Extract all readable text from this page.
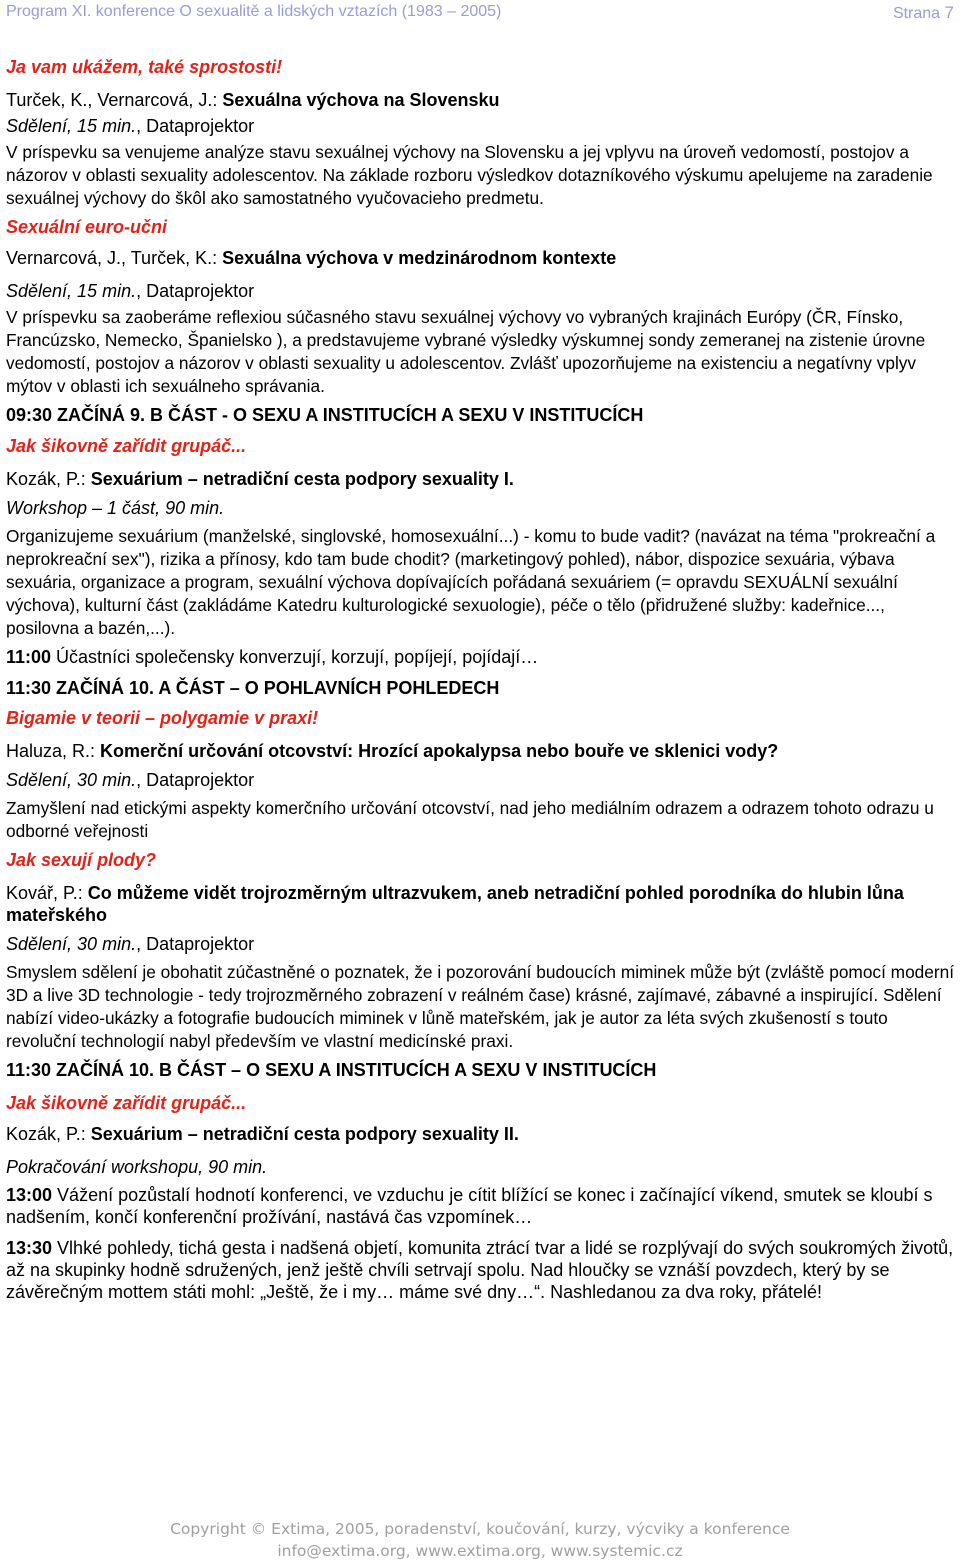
Program XI. konference O sexualitě a lidských vztazích (1983 – 2005)	Strana 7
Ja vam ukážem, také sprostosti!
Turček, K., Vernarcová, J.: Sexuálna výchova na Slovensku
Sdělení, 15 min., Dataprojektor
V príspevku sa venujeme analýze stavu sexuálnej výchovy na Slovensku a jej vplyvu na úroveň vedomostí, postojov a názorov v oblasti sexuality adolescentov. Na základe rozboru výsledkov dotazníkového výskumu apelujeme na zaradenie sexuálnej výchovy do škôl ako samostatného vyučovacieho predmetu.
Sexuální euro-učni
Vernarcová, J., Turček, K.: Sexuálna výchova v medzinárodnom kontexte
Sdělení, 15 min., Dataprojektor
V príspevku sa zaoberáme reflexiou súčasného stavu sexuálnej výchovy vo vybraných krajinách Európy (ČR, Fínsko, Francúzsko, Nemecko, Španielsko ), a predstavujeme vybrané výsledky výskumnej sondy zemeranej na zistenie úrovne vedomostí, postojov a názorov v oblasti sexuality u adolescentov. Zvlášť upozorňujeme na existenciu a negatívny vplyv mýtov v oblasti ich sexuálneho správania.
09:30 ZAČÍNÁ 9. B ČÁST - O SEXU A INSTITUCÍCH A SEXU V INSTITUCÍCH
Jak šikovně zařídit grupáč...
Kozák, P.: Sexuárium – netradiční cesta podpory sexuality I.
Workshop – 1 část, 90 min.
Organizujeme sexuárium (manželské, singlovské, homosexuální...) - komu to bude vadit? (navázat na téma "prokreační a neprokreační sex"), rizika a přínosy, kdo tam bude chodit? (marketingový pohled), nábor, dispozice sexuária, výbava sexuária, organizace a program, sexuální výchova dopívajících pořádaná sexuáriem (= opravdu SEXUÁLNÍ sexuální výchova), kulturní část (zakládáme Katedru kulturologické sexuologie), péče o tělo (přidružené služby: kadeřnice..., posilovna a bazén,...).
11:00 Účastníci společensky konverzují, korzují, popíjejí, pojídají…
11:30 ZAČÍNÁ 10. A ČÁST – O POHLAVNÍCH POHLEDECH
Bigamie v teorii – polygamie v praxi!
Haluza, R.: Komerční určování otcovství: Hrozící apokalypsa nebo bouře ve sklenici vody?
Sdělení, 30 min., Dataprojektor
Zamyšlení nad etickými aspekty komerčního určování otcovství, nad jeho mediálním odrazem a odrazem tohoto odrazu u odborné veřejnosti
Jak sexují plody?
Kovář, P.: Co můžeme vidět trojrozměrným ultrazvukem, aneb netradiční pohled porodníka do hlubin lůna mateřského
Sdělení, 30 min., Dataprojektor
Smyslem sdělení je obohatit zúčastněné o poznatek, že i pozorování budoucích miminek může být (zvláště pomocí moderní 3D a live 3D technologie - tedy trojrozměrného zobrazení v reálném čase) krásné, zajímavé, zábavné a inspirující. Sdělení nabízí video-ukázky a fotografie budoucích miminek v lůně mateřském, jak je autor za léta svých zkušeností s touto revoluční technologií nabyl především ve vlastní medicínské praxi.
11:30 ZAČÍNÁ 10. B ČÁST – O SEXU A INSTITUCÍCH A SEXU V INSTITUCÍCH
Jak šikovně zařídit grupáč...
Kozák, P.: Sexuárium – netradiční cesta podpory sexuality II.
Pokračování workshopu, 90 min.
13:00 Vážení pozůstalí hodnotí konferenci, ve vzduchu je cítit blížící se konec i začínající víkend, smutek se kloubí s nadšením, končí konferenční prožívání, nastává čas vzpomínek…
13:30 Vlhké pohledy, tichá gesta i nadšená objetí, komunita ztrácí tvar a lidé se rozplývají do svých soukromých životů, až na skupinky hodně sdružených, jenž ještě chvíli setrvají spolu. Nad hloučky se vznáší povzdech, který by se závěrečným mottem státi mohl: „Ještě, že i my… máme své dny…“. Nashledanou za dva roky, přátelé!
Copyright © Extima, 2005, poradenství, koučování, kurzy, výcviky a konference
info@extima.org, www.extima.org, www.systemic.cz
